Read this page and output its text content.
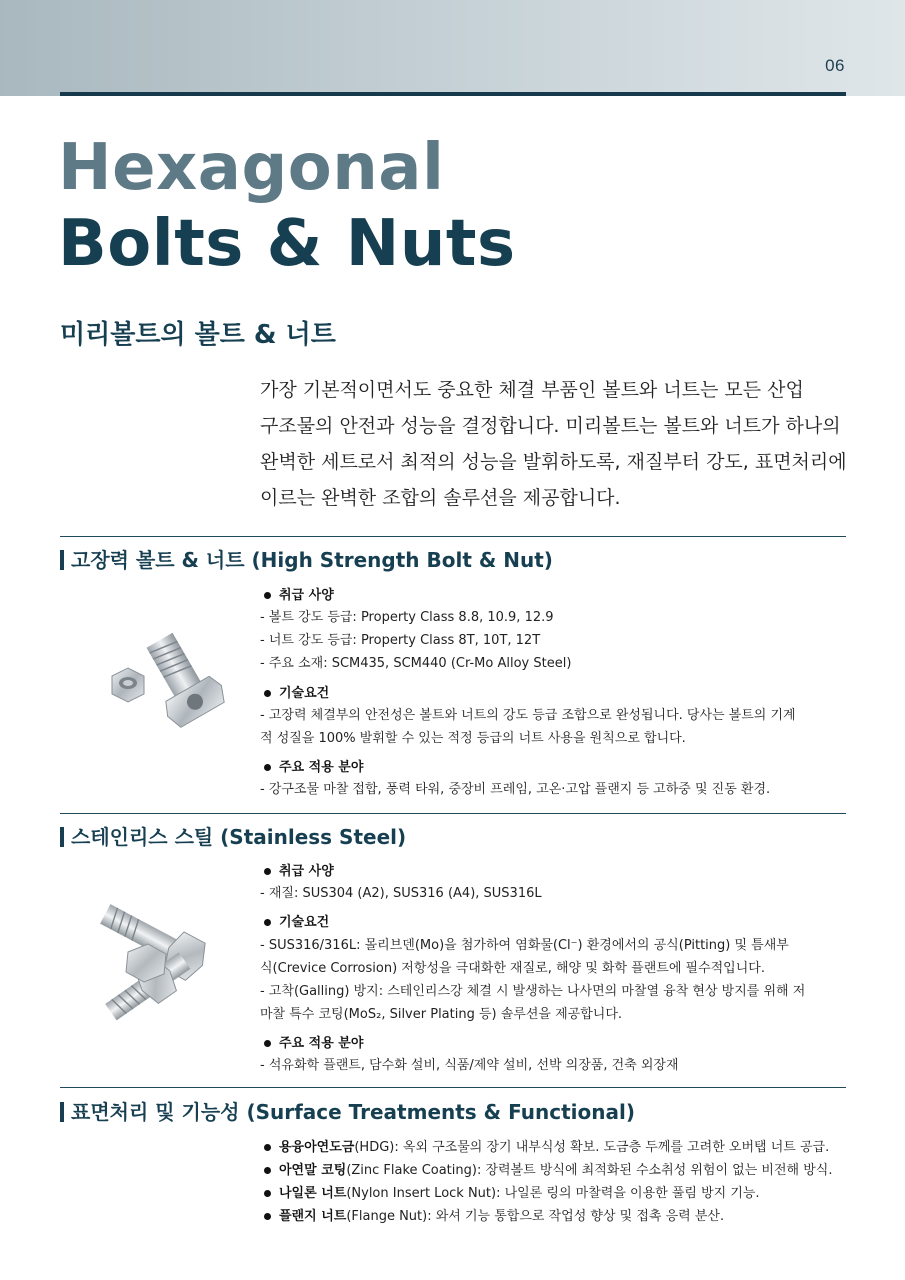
06
Hexagonal
Bolts & Nuts
미리볼트의 볼트 & 너트
가장 기본적이면서도 중요한 체결 부품인 볼트와 너트는 모든 산업
구조물의 안전과 성능을 결정합니다. 미리볼트는 볼트와 너트가 하나의
완벽한 세트로서 최적의 성능을 발휘하도록, 재질부터 강도, 표면처리에
이르는 완벽한 조합의 솔루션을 제공합니다.
고장력 볼트 & 너트 (High Strength Bolt & Nut)
취급 사양
- 볼트 강도 등급: Property Class 8.8, 10.9, 12.9
- 너트 강도 등급: Property Class 8T, 10T, 12T
- 주요 소재: SCM435, SCM440 (Cr-Mo Alloy Steel)
기술요건
- 고장력 체결부의 안전성은 볼트와 너트의 강도 등급 조합으로 완성됩니다. 당사는 볼트의 기계
적 성질을 100% 발휘할 수 있는 적정 등급의 너트 사용을 원칙으로 합니다.
주요 적용 분야
- 강구조물 마찰 접합, 풍력 타워, 중장비 프레임, 고온·고압 플랜지 등 고하중 및 진동 환경.
스테인리스 스틸 (Stainless Steel)
취급 사양
- 재질: SUS304 (A2), SUS316 (A4), SUS316L
기술요건
- SUS316/316L: 몰리브덴(Mo)을 첨가하여 염화물(Cl⁻) 환경에서의 공식(Pitting) 및 틈새부
식(Crevice Corrosion) 저항성을 극대화한 재질로, 해양 및 화학 플랜트에 필수적입니다.
- 고착(Galling) 방지: 스테인리스강 체결 시 발생하는 나사면의 마찰열 융착 현상 방지를 위해 저
마찰 특수 코팅(MoS₂, Silver Plating 등) 솔루션을 제공합니다.
주요 적용 분야
- 석유화학 플랜트, 담수화 설비, 식품/제약 설비, 선박 의장품, 건축 외장재
표면처리 및 기능성 (Surface Treatments & Functional)
용융아연도금(HDG): 옥외 구조물의 장기 내부식성 확보. 도금층 두께를 고려한 오버탭 너트 공급.
아연말 코팅(Zinc Flake Coating): 장력볼트 방식에 최적화된 수소취성 위험이 없는 비전해 방식.
나일론 너트(Nylon Insert Lock Nut): 나일론 링의 마찰력을 이용한 풀림 방지 기능.
플랜지 너트(Flange Nut): 와셔 기능 통합으로 작업성 향상 및 접촉 응력 분산.
